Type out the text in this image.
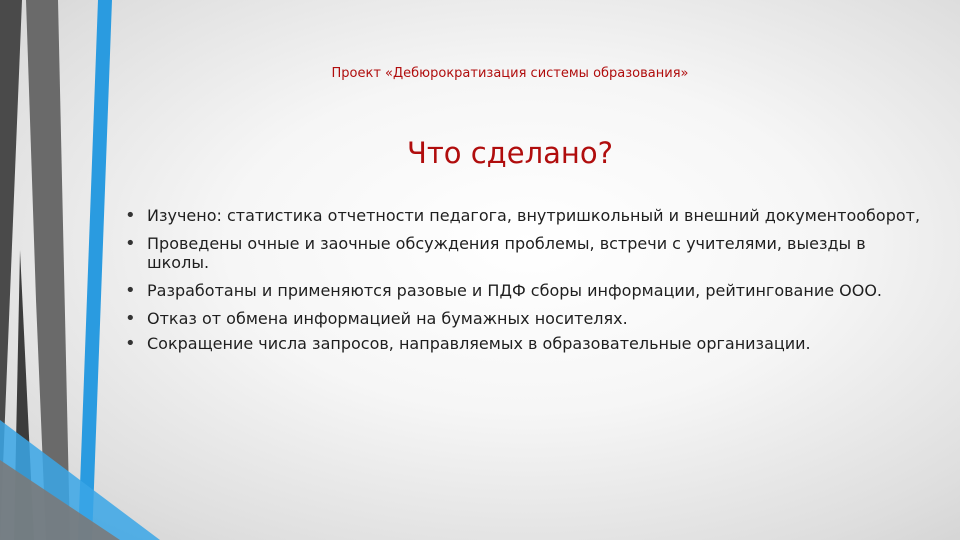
Проект «Дебюрократизация системы образования»
Что сделано?
• Изучено: статистика отчетности педагога, внутришкольный и внешний документооборот,
• Проведены очные и заочные обсуждения проблемы, встречи с учителями, выезды в школы.
• Разработаны и применяются разовые и ПДФ сборы информации, рейтингование ООО.
• Отказ от обмена информацией на бумажных носителях.
• Сокращение числа запросов, направляемых в образовательные организации.
